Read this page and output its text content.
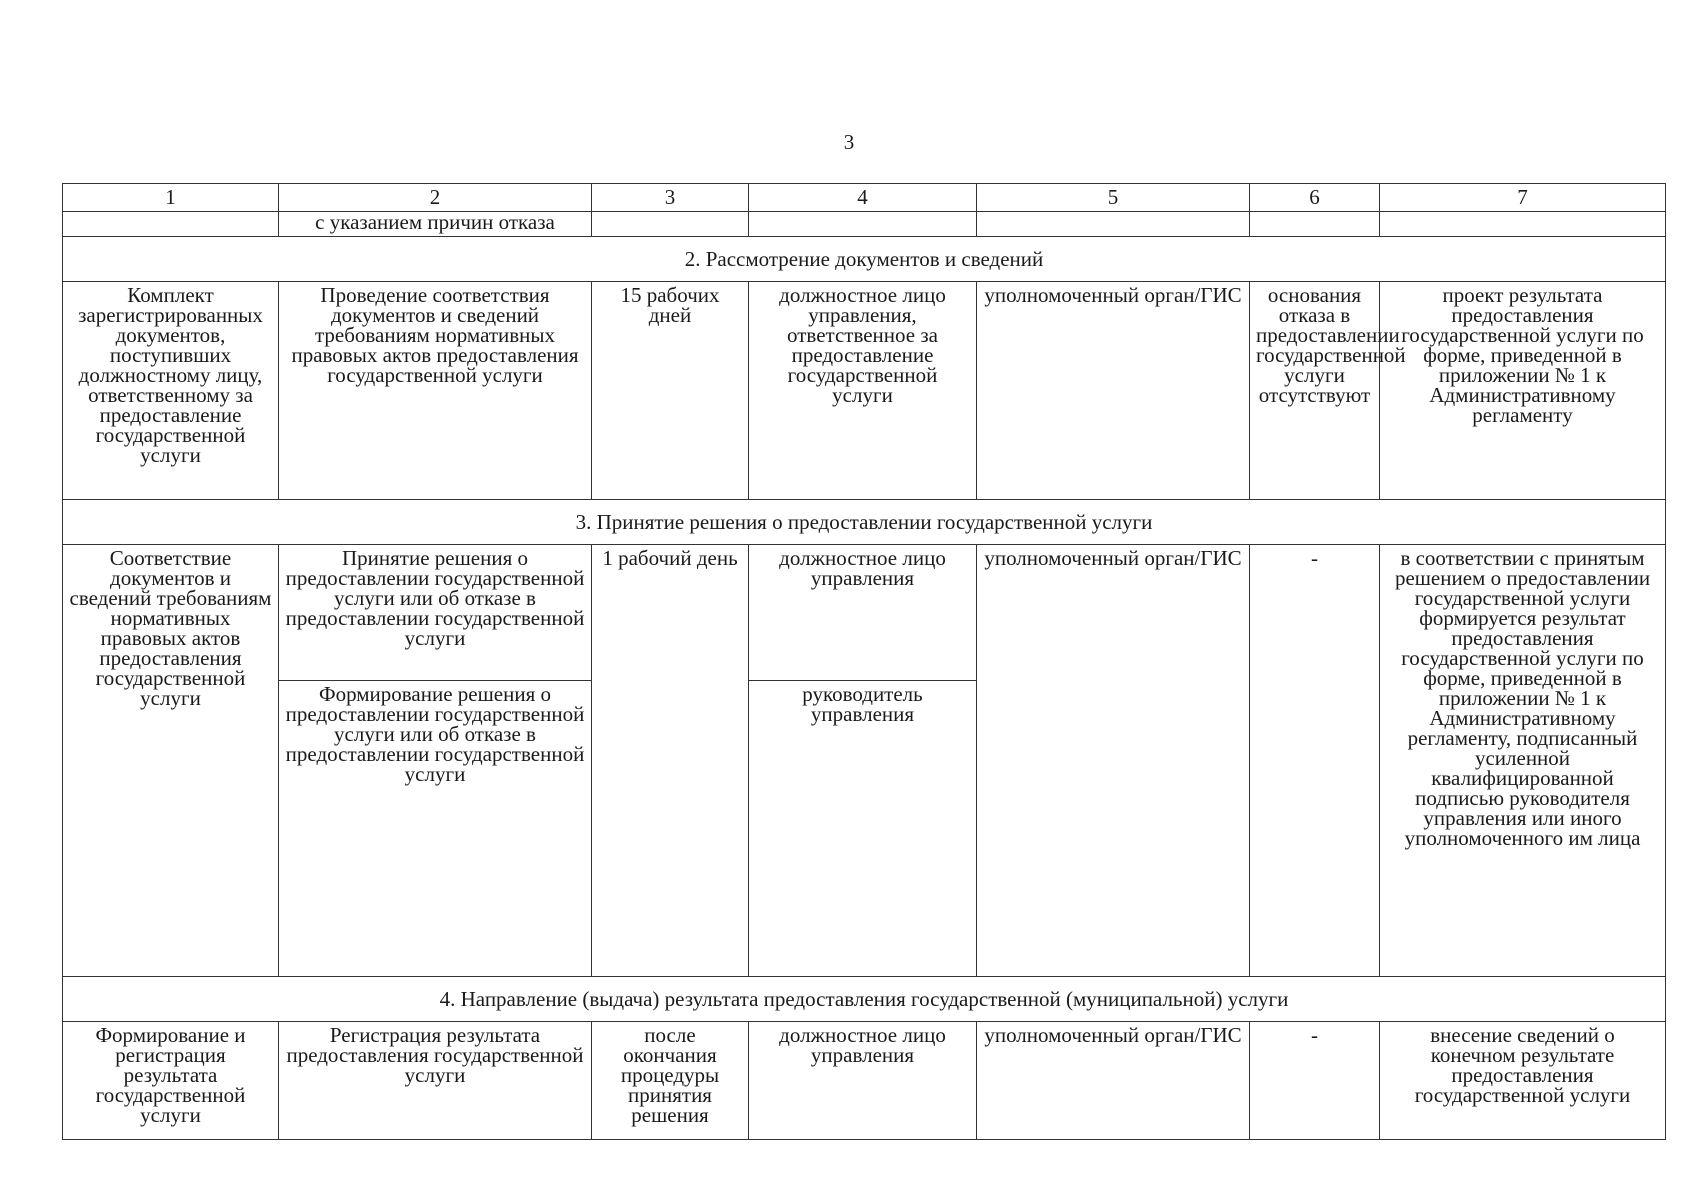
3
1	2	3	4	5	6	7
	с указанием причин отказа					
2. Рассмотрение документов и сведений						
Комплект зарегистрированных документов, поступивших должностному лицу, ответственному за предоставление государственной услуги	Проведение соответствия документов и сведений требованиям нормативных правовых актов предоставления государственной услуги	15 рабочих дней	должностное лицо управления, ответственное за предоставление государственной услуги	уполномоченный орган/ГИС	основания отказа в предоставлении государственной услуги отсутствуют	проект результата предоставления государственной услуги по форме, приведенной в приложении № 1 к Административному регламенту
3. Принятие решения о предоставлении государственной услуги						
Соответствие документов и сведений требованиям нормативных правовых актов предоставления государственной услуги	Принятие решения о предоставлении государственной услуги или об отказе в предоставлении государственной услуги	1 рабочий день	должностное лицо управления	уполномоченный орган/ГИС	-	в соответствии с принятым решением о предоставлении государственной услуги формируется результат предоставления государственной услуги по форме, приведенной в приложении № 1 к Административному регламенту, подписанный усиленной квалифицированной подписью руководителя управления или иного уполномоченного им лица
	Формирование решения о предоставлении государственной услуги или об отказе в предоставлении государственной услуги		руководитель управления			
4. Направление (выдача) результата предоставления государственной (муниципальной) услуги						
Формирование и регистрация результата государственной услуги	Регистрация результата предоставления государственной услуги	после окончания процедуры принятия решения	должностное лицо управления	уполномоченный орган/ГИС	-	внесение сведений о конечном результате предоставления государственной услуги
